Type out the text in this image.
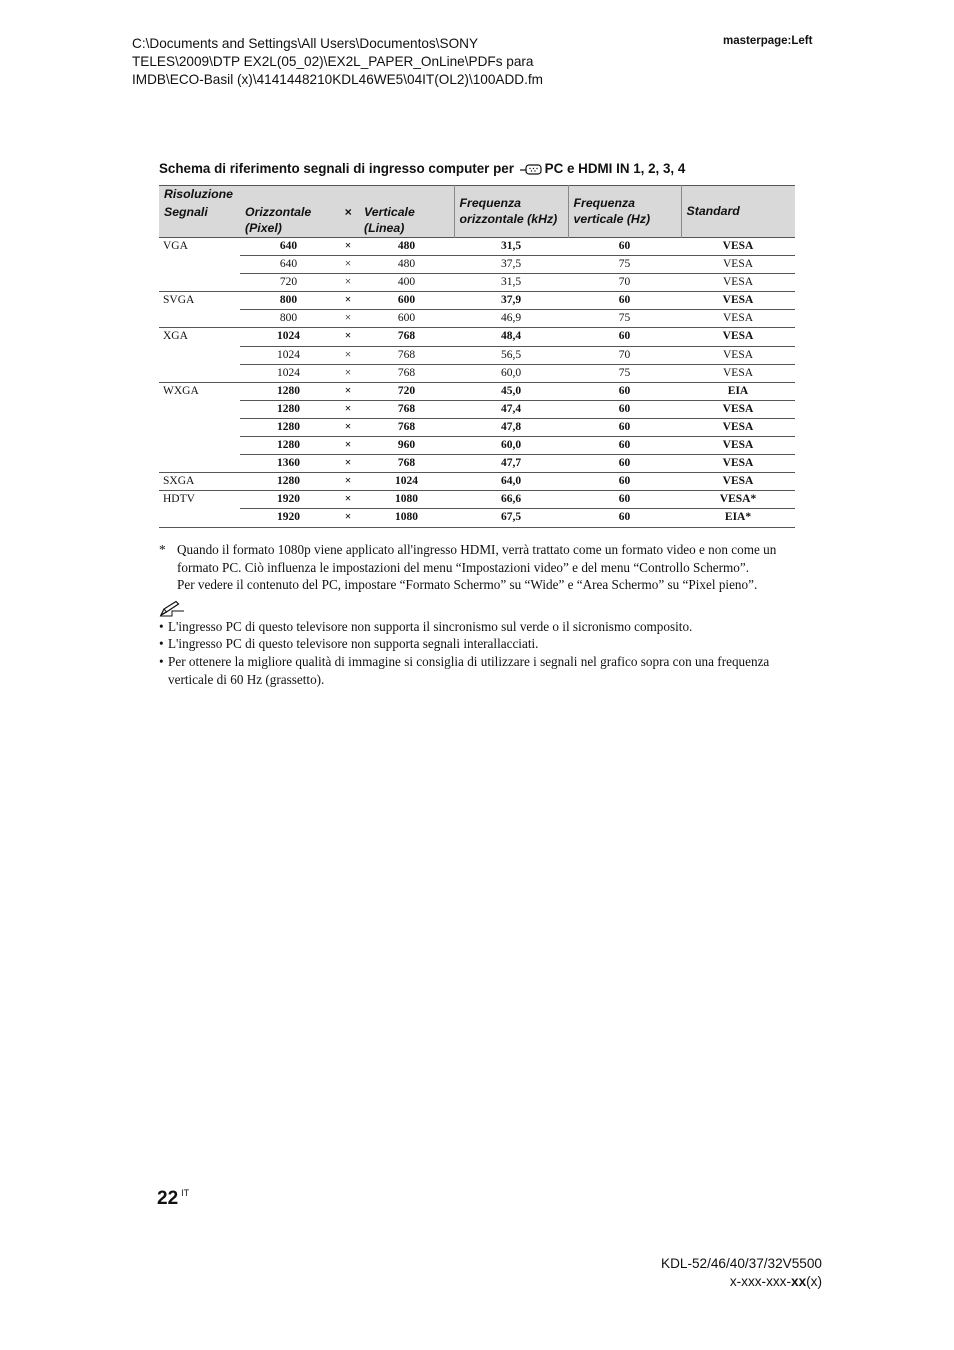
C:\Documents and Settings\All Users\Documentos\SONY
TELES\2009\DTP EX2L(05_02)\EX2L_PAPER_OnLine\PDFs para
IMDB\ECO-Basil (x)\4141448210KDL46WE5\04IT(OL2)\100ADD.fm
masterpage:Left
Schema di riferimento segnali di ingresso computer per PC e HDMI IN 1, 2, 3, 4
Risoluzione				Frequenza orizzontale (kHz)	Frequenza verticale (Hz)	Standard
Segnali	Orizzontale (Pixel)	×	Verticale (Linea)			
VGA	640	×	480	31,5	60	VESA
	640	×	480	37,5	75	VESA
	720	×	400	31,5	70	VESA
SVGA	800	×	600	37,9	60	VESA
	800	×	600	46,9	75	VESA
XGA	1024	×	768	48,4	60	VESA
	1024	×	768	56,5	70	VESA
	1024	×	768	60,0	75	VESA
WXGA	1280	×	720	45,0	60	EIA
	1280	×	768	47,4	60	VESA
	1280	×	768	47,8	60	VESA
	1280	×	960	60,0	60	VESA
	1360	×	768	47,7	60	VESA
SXGA	1280	×	1024	64,0	60	VESA
HDTV	1920	×	1080	66,6	60	VESA*
	1920	×	1080	67,5	60	EIA*
* Quando il formato 1080p viene applicato all'ingresso HDMI, verrà trattato come un formato video e non come un formato PC. Ciò influenza le impostazioni del menu “Impostazioni video” e del menu “Controllo Schermo”.

Per vedere il contenuto del PC, impostare “Formato Schermo” su “Wide” e “Area Schermo” su “Pixel pieno”.

• L'ingresso PC di questo televisore non supporta il sincronismo sul verde o il sicronismo composito.
• L'ingresso PC di questo televisore non supporta segnali interallacciati.
• Per ottenere la migliore qualità di immagine si consiglia di utilizzare i segnali nel grafico sopra con una frequenza verticale di 60 Hz (grassetto).
22 $^{IT}$
KDL-52/46/40/37/32V5500
x-xxx-xxx-xx(x)
